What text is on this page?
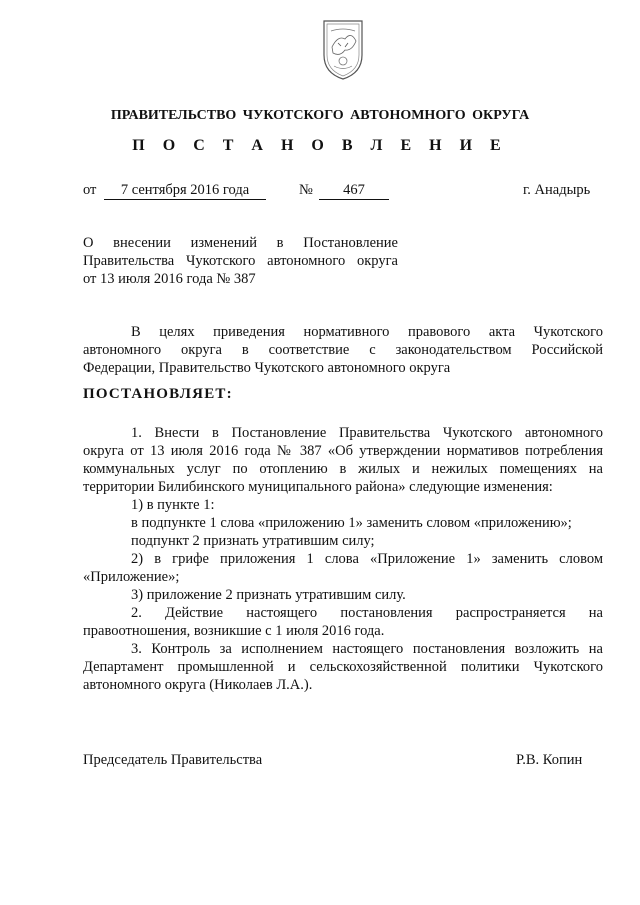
ПРАВИТЕЛЬСТВО ЧУКОТСКОГО АВТОНОМНОГО ОКРУГА
П О С Т А Н О В Л Е Н И Е
от	7 сентября 2016 года	№	467	г. Анадырь
О внесении изменений в Постановление
Правительства Чукотского автономного округа
от 13 июля 2016 года № 387
В целях приведения нормативного правового акта Чукотского
автономного округа в соответствие с законодательством Российской
Федерации, Правительство Чукотского автономного округа
ПОСТАНОВЛЯЕТ:
1. Внести в Постановление Правительства Чукотского автономного
округа от 13 июля 2016 года № 387 «Об утверждении нормативов потребления
коммунальных услуг по отоплению в жилых и нежилых помещениях на
территории Билибинского муниципального района» следующие изменения:
1) в пункте 1:
в подпункте 1 слова «приложению 1» заменить словом «приложению»;
подпункт 2 признать утратившим силу;
2) в грифе приложения 1 слова «Приложение 1» заменить словом
«Приложение»;
3) приложение 2 признать утратившим силу.
2. Действие настоящего постановления распространяется на
правоотношения, возникшие с 1 июля 2016 года.
3. Контроль за исполнением настоящего постановления возложить на
Департамент промышленной и сельскохозяйственной политики Чукотского
автономного округа (Николаев Л.А.).
Председатель Правительства	Р.В. Копин
